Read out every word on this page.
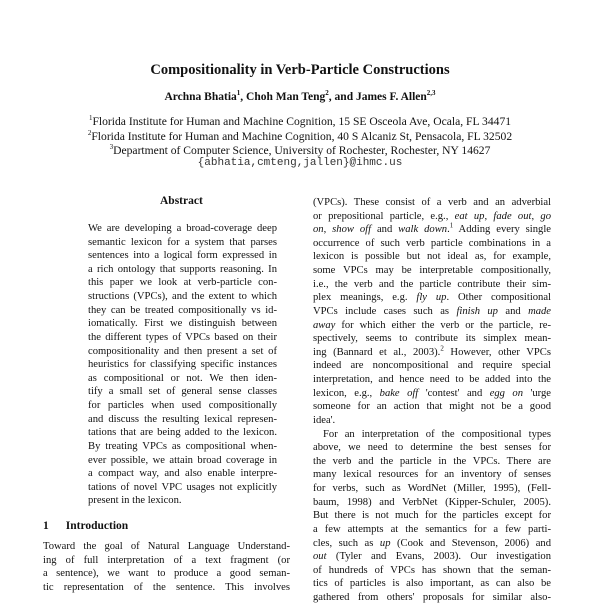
Compositionality in Verb-Particle Constructions
Archna Bhatia$^1$, Choh Man Teng$^2$, and James F. Allen$^{2,3}$
$^1$Florida Institute for Human and Machine Cognition, 15 SE Osceola Ave, Ocala, FL 34471
$^2$Florida Institute for Human and Machine Cognition, 40 S Alcaniz St, Pensacola, FL 32502
$^3$Department of Computer Science, University of Rochester, Rochester, NY 14627
{abhatia,cmteng,jallen}@ihmc.us
Abstract
We are developing a broad-coverage deep
semantic lexicon for a system that parses
sentences into a logical form expressed in
a rich ontology that supports reasoning. In
this paper we look at verb-particle con-
structions (VPCs), and the extent to which
they can be treated compositionally vs id-
iomatically. First we distinguish between
the different types of VPCs based on their
compositionality and then present a set of
heuristics for classifying specific instances
as compositional or not. We then iden-
tify a small set of general sense classes
for particles when used compositionally
and discuss the resulting lexical represen-
tations that are being added to the lexicon.
By treating VPCs as compositional when-
ever possible, we attain broad coverage in
a compact way, and also enable interpre-
tations of novel VPC usages not explicitly
present in the lexicon.
1 Introduction
Toward the goal of Natural Language Understand-
ing of full interpretation of a text fragment (or
a sentence), we want to produce a good seman-
tic representation of the sentence. This involves
(VPCs). These consist of a verb and an adverbial
or prepositional particle, e.g., eat up, fade out, go
on, show off and walk down.$^1$ Adding every single
occurrence of such verb particle combinations in a
lexicon is possible but not ideal as, for example,
some VPCs may be interpretable compositionally,
i.e., the verb and the particle contribute their sim-
plex meanings, e.g. fly up. Other compositional
VPCs include cases such as finish up and made
away for which either the verb or the particle, re-
spectively, seems to contribute its simplex mean-
ing (Bannard et al., 2003).$^2$ However, other VPCs
indeed are noncompositional and require special
interpretation, and hence need to be added into the
lexicon, e.g., bake off 'contest' and egg on 'urge
someone for an action that might not be a good
idea'.
For an interpretation of the compositional types
above, we need to determine the best senses for
the verb and the particle in the VPCs. There are
many lexical resources for an inventory of senses
for verbs, such as WordNet (Miller, 1995), (Fell-
baum, 1998) and VerbNet (Kipper-Schuler, 2005).
But there is not much for the particles except for
a few attempts at the semantics for a few parti-
cles, such as up (Cook and Stevenson, 2006) and
out (Tyler and Evans, 2003). Our investigation
of hundreds of VPCs has shown that the seman-
tics of particles is also important, as can also be
gathered from others' proposals for similar also-
